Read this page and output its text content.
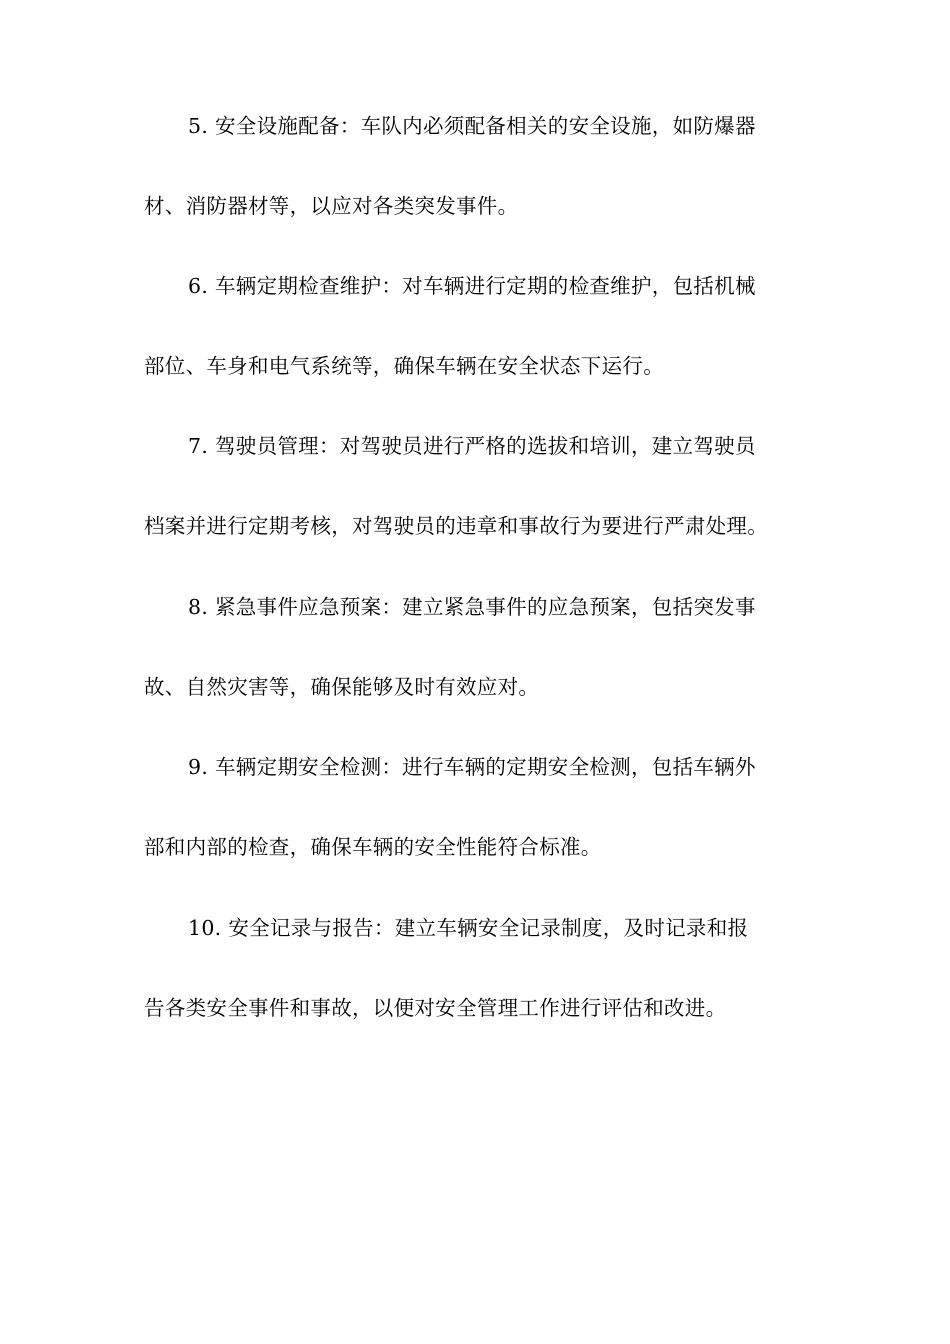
5. 安全设施配备：车队内必须配备相关的安全设施，如防爆器
材、消防器材等，以应对各类突发事件。
6. 车辆定期检查维护：对车辆进行定期的检查维护，包括机械
部位、车身和电气系统等，确保车辆在安全状态下运行。
7. 驾驶员管理：对驾驶员进行严格的选拔和培训，建立驾驶员
档案并进行定期考核，对驾驶员的违章和事故行为要进行严肃处理。
8. 紧急事件应急预案：建立紧急事件的应急预案，包括突发事
故、自然灾害等，确保能够及时有效应对。
9. 车辆定期安全检测：进行车辆的定期安全检测，包括车辆外
部和内部的检查，确保车辆的安全性能符合标准。
10. 安全记录与报告：建立车辆安全记录制度，及时记录和报
告各类安全事件和事故，以便对安全管理工作进行评估和改进。
